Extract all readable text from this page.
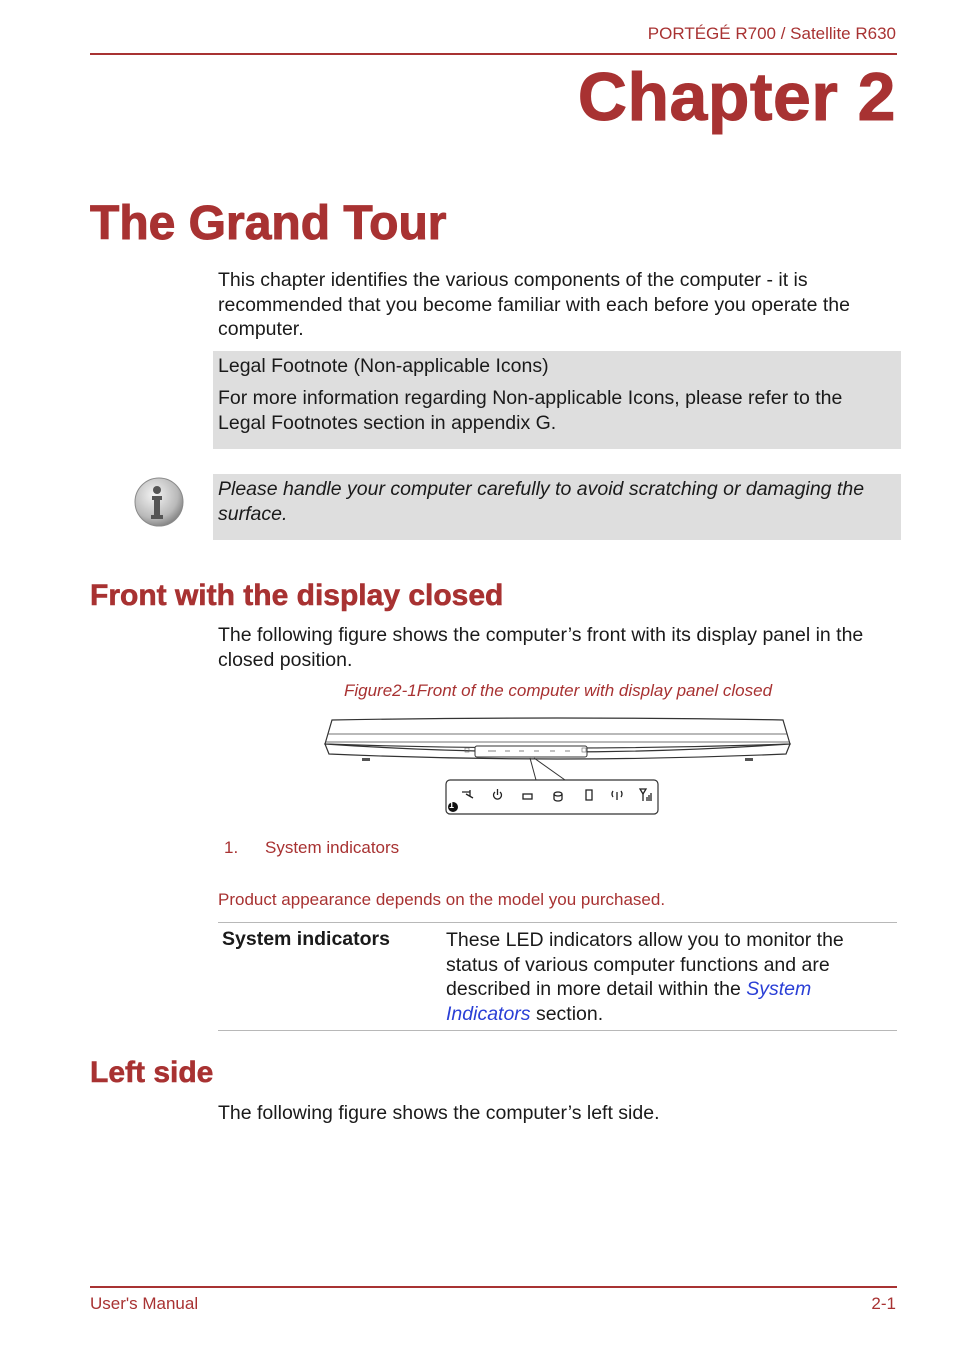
PORTÉGÉ R700 / Satellite R630
Chapter 2
The Grand Tour
This chapter identifies the various components of the computer - it is recommended that you become familiar with each before you operate the computer.

Legal Footnote (Non-applicable Icons)

For more information regarding Non-applicable Icons, please refer to the Legal Footnotes section in appendix G.

Please handle your computer carefully to avoid scratching or damaging the surface.

Front with the display closed
The following figure shows the computer’s front with its display panel in the closed position.
Figure2-1Front of the computer with display panel closed
1
1. System indicators
Product appearance depends on the model you purchased.
System indicators	These LED indicators allow you to monitor the status of various computer functions and are described in more detail within the System Indicators section.
Left side
The following figure shows the computer’s left side.
User's Manual	2-1
